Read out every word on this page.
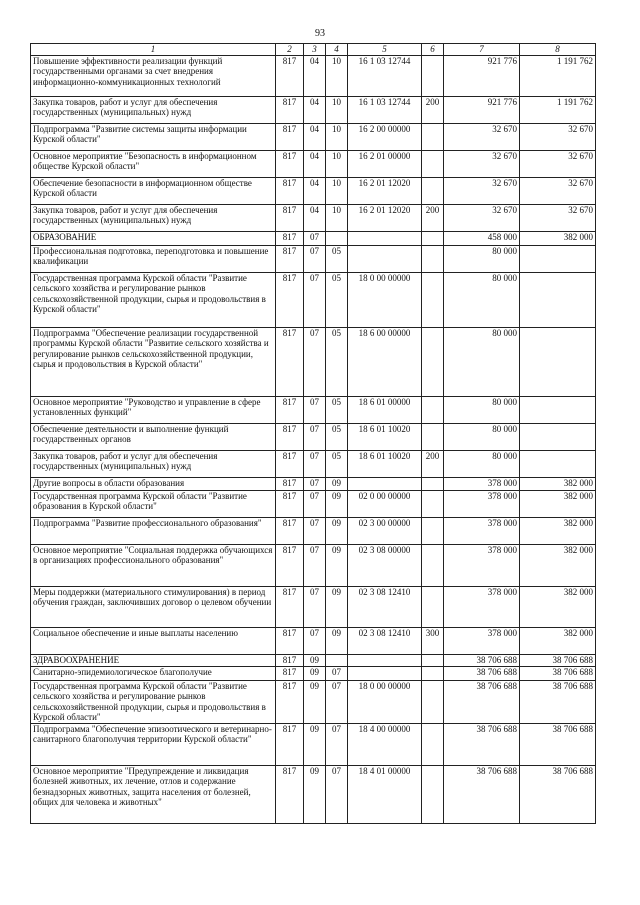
93
1	2	3	4	5	6	7	8
Повышение эффективности реализации функций государственными органами за счет внедрения информационно-коммуникационных технологий	817	04	10	16 1 03 12744		921 776	1 191 762
Закупка товаров, работ и услуг для обеспечения государственных (муниципальных) нужд	817	04	10	16 1 03 12744	200	921 776	1 191 762
Подпрограмма "Развитие системы защиты информации Курской области"	817	04	10	16 2 00 00000		32 670	32 670
Основное мероприятие "Безопасность в информационном обществе Курской области"	817	04	10	16 2 01 00000		32 670	32 670
Обеспечение безопасности в информационном обществе Курской области	817	04	10	16 2 01 12020		32 670	32 670
Закупка товаров, работ и услуг для обеспечения государственных (муниципальных) нужд	817	04	10	16 2 01 12020	200	32 670	32 670
ОБРАЗОВАНИЕ	817	07				458 000	382 000
Профессиональная подготовка, переподготовка и повышение квалификации	817	07	05			80 000	
Государственная программа Курской области "Развитие сельского хозяйства и регулирование рынков сельскохозяйственной продукции, сырья и продовольствия в Курской области"	817	07	05	18 0 00 00000		80 000	
Подпрограмма "Обеспечение реализации государственной программы Курской области "Развитие сельского хозяйства и регулирование рынков сельскохозяйственной продукции, сырья и продовольствия в Курской области"	817	07	05	18 6 00 00000		80 000	
Основное мероприятие "Руководство и управление в сфере установленных функций"	817	07	05	18 6 01 00000		80 000	
Обеспечение деятельности и выполнение функций государственных органов	817	07	05	18 6 01 10020		80 000	
Закупка товаров, работ и услуг для обеспечения государственных (муниципальных) нужд	817	07	05	18 6 01 10020	200	80 000	
Другие вопросы в области образования	817	07	09			378 000	382 000
Государственная программа Курской области "Развитие образования в Курской области"	817	07	09	02 0 00 00000		378 000	382 000
Подпрограмма "Развитие профессионального образования"	817	07	09	02 3 00 00000		378 000	382 000
Основное мероприятие "Социальная поддержка обучающихся в организациях профессионального образования"	817	07	09	02 3 08 00000		378 000	382 000
Меры поддержки (материального стимулирования) в период обучения граждан, заключивших договор о целевом обучении	817	07	09	02 3 08 12410		378 000	382 000
Социальное обеспечение и иные выплаты населению	817	07	09	02 3 08 12410	300	378 000	382 000
ЗДРАВООХРАНЕНИЕ	817	09				38 706 688	38 706 688
Санитарно-эпидемиологическое благополучие	817	09	07			38 706 688	38 706 688
Государственная программа Курской области "Развитие сельского хозяйства и регулирование рынков сельскохозяйственной продукции, сырья и продовольствия в Курской области"	817	09	07	18 0 00 00000		38 706 688	38 706 688
Подпрограмма "Обеспечение эпизоотического и ветеринарно-санитарного благополучия территории Курской области"	817	09	07	18 4 00 00000		38 706 688	38 706 688
Основное мероприятие "Предупреждение и ликвидация болезней животных, их лечение, отлов и содержание безнадзорных животных, защита населения от болезней, общих для человека и животных"	817	09	07	18 4 01 00000		38 706 688	38 706 688
